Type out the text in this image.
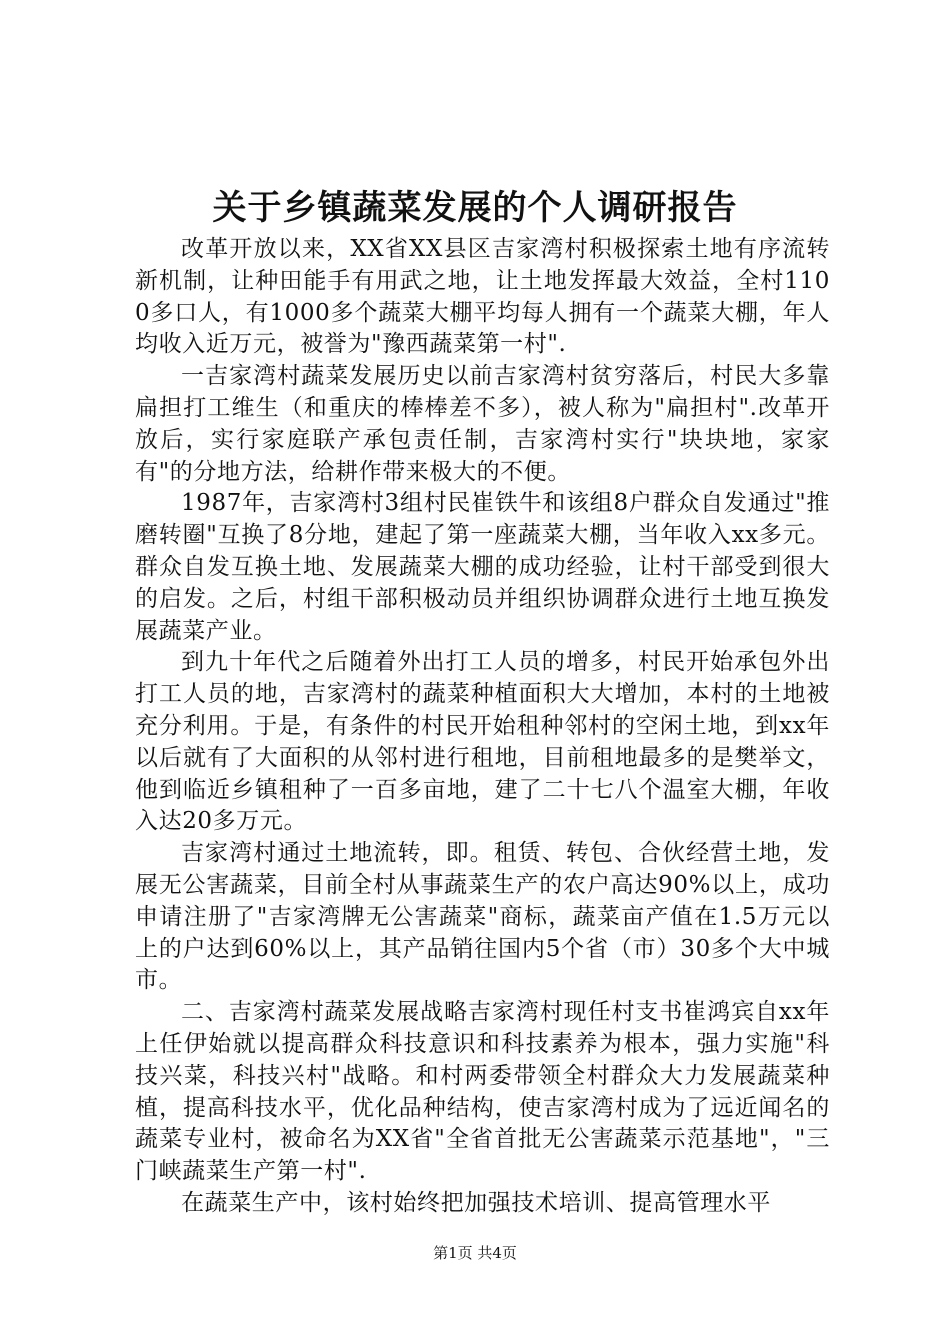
关于乡镇蔬菜发展的个人调研报告

改革开放以来，XX省XX县区吉家湾村积极探索土地有序流转新机制，让种田能手有用武之地，让土地发挥最大效益，全村1100多口人，有1000多个蔬菜大棚平均每人拥有一个蔬菜大棚，年人均收入近万元，被誉为"豫西蔬菜第一村".

一吉家湾村蔬菜发展历史以前吉家湾村贫穷落后，村民大多靠扁担打工维生（和重庆的棒棒差不多），被人称为"扁担村".改革开放后，实行家庭联产承包责任制，吉家湾村实行"块块地，家家有"的分地方法，给耕作带来极大的不便。

1987年，吉家湾村3组村民崔铁牛和该组8户群众自发通过"推磨转圈"互换了8分地，建起了第一座蔬菜大棚，当年收入xx多元。群众自发互换土地、发展蔬菜大棚的成功经验，让村干部受到很大的启发。之后，村组干部积极动员并组织协调群众进行土地互换发展蔬菜产业。

到九十年代之后随着外出打工人员的增多，村民开始承包外出打工人员的地，吉家湾村的蔬菜种植面积大大增加，本村的土地被充分利用。于是，有条件的村民开始租种邻村的空闲土地，到xx年以后就有了大面积的从邻村进行租地，目前租地最多的是樊举文，他到临近乡镇租种了一百多亩地，建了二十七八个温室大棚，年收入达20多万元。

吉家湾村通过土地流转，即。租赁、转包、合伙经营土地，发展无公害蔬菜，目前全村从事蔬菜生产的农户高达90%以上，成功申请注册了"吉家湾牌无公害蔬菜"商标，蔬菜亩产值在1.5万元以上的户达到60%以上，其产品销往国内5个省（市）30多个大中城市。

二、吉家湾村蔬菜发展战略吉家湾村现任村支书崔鸿宾自xx年上任伊始就以提高群众科技意识和科技素养为根本，强力实施"科技兴菜，科技兴村"战略。和村两委带领全村群众大力发展蔬菜种植，提高科技水平，优化品种结构，使吉家湾村成为了远近闻名的蔬菜专业村，被命名为XX省"全省首批无公害蔬菜示范基地"，"三门峡蔬菜生产第一村".

在蔬菜生产中，该村始终把加强技术培训、提高管理水平

第1页 共4页
